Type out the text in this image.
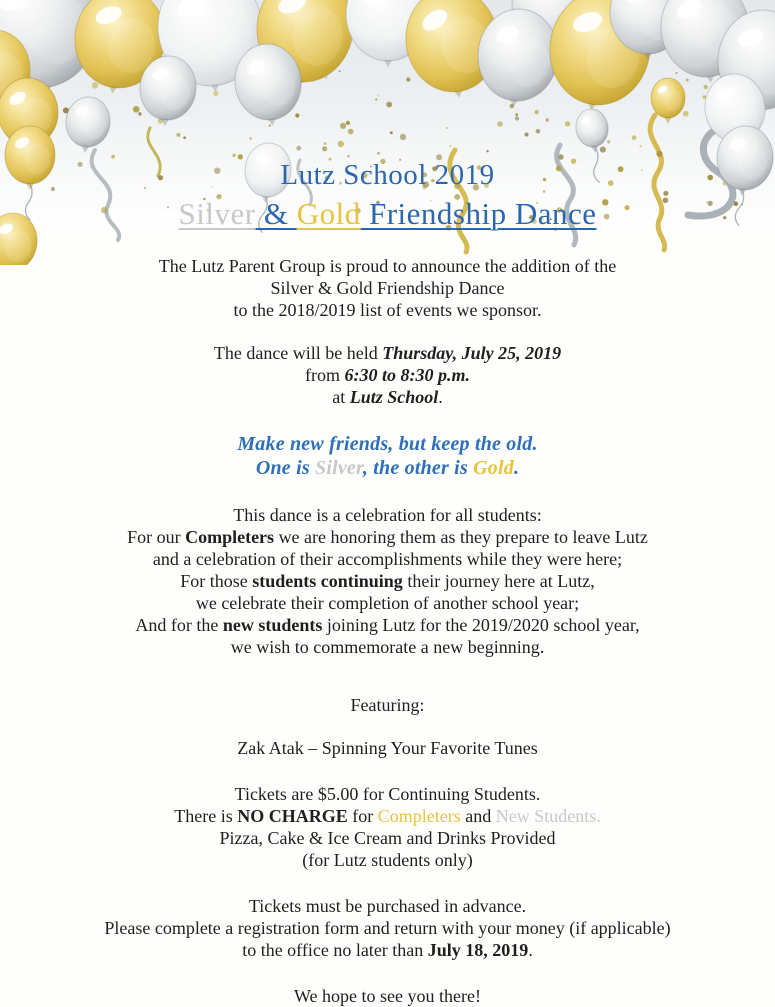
Lutz School 2019
Silver & Gold Friendship Dance

The Lutz Parent Group is proud to announce the addition of the
Silver & Gold Friendship Dance
to the 2018/2019 list of events we sponsor.

The dance will be held Thursday, July 25, 2019
from 6:30 to 8:30 p.m.
at Lutz School.

Make new friends, but keep the old.
One is Silver, the other is Gold.

This dance is a celebration for all students:
For our Completers we are honoring them as they prepare to leave Lutz
and a celebration of their accomplishments while they were here;
For those students continuing their journey here at Lutz,
we celebrate their completion of another school year;
And for the new students joining Lutz for the 2019/2020 school year,
we wish to commemorate a new beginning.

Featuring:

Zak Atak – Spinning Your Favorite Tunes

Tickets are $5.00 for Continuing Students.
There is NO CHARGE for Completers and New Students.
Pizza, Cake & Ice Cream and Drinks Provided
(for Lutz students only)

Tickets must be purchased in advance.
Please complete a registration form and return with your money (if applicable)
to the office no later than July 18, 2019.

We hope to see you there!
